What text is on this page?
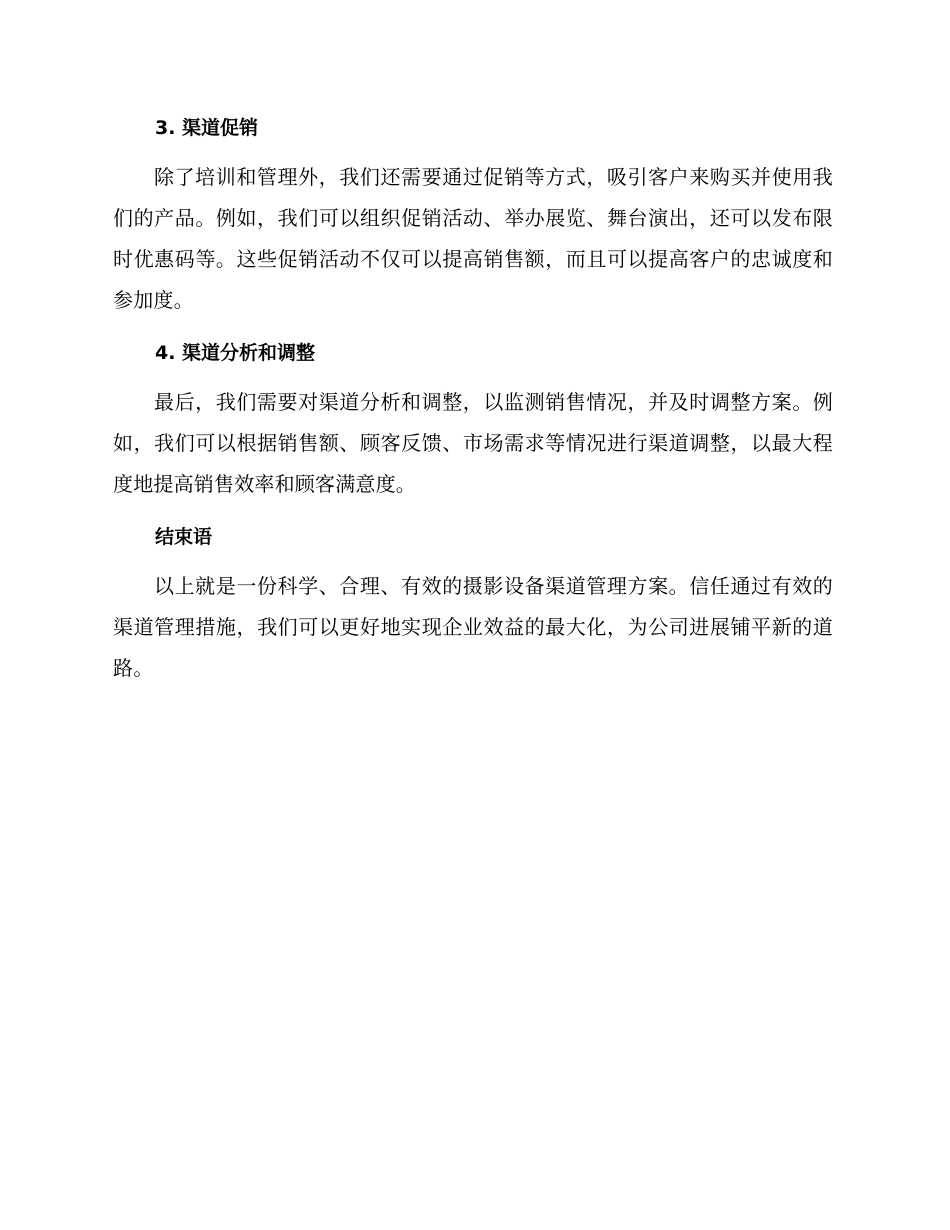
3. 渠道促销

除了培训和管理外，我们还需要通过促销等方式，吸引客户来购买并使用我们的产品。例如，我们可以组织促销活动、举办展览、舞台演出，还可以发布限时优惠码等。这些促销活动不仅可以提高销售额，而且可以提高客户的忠诚度和参加度。

4. 渠道分析和调整

最后，我们需要对渠道分析和调整，以监测销售情况，并及时调整方案。例如，我们可以根据销售额、顾客反馈、市场需求等情况进行渠道调整，以最大程度地提高销售效率和顾客满意度。

结束语

以上就是一份科学、合理、有效的摄影设备渠道管理方案。信任通过有效的渠道管理措施，我们可以更好地实现企业效益的最大化，为公司进展铺平新的道路。
